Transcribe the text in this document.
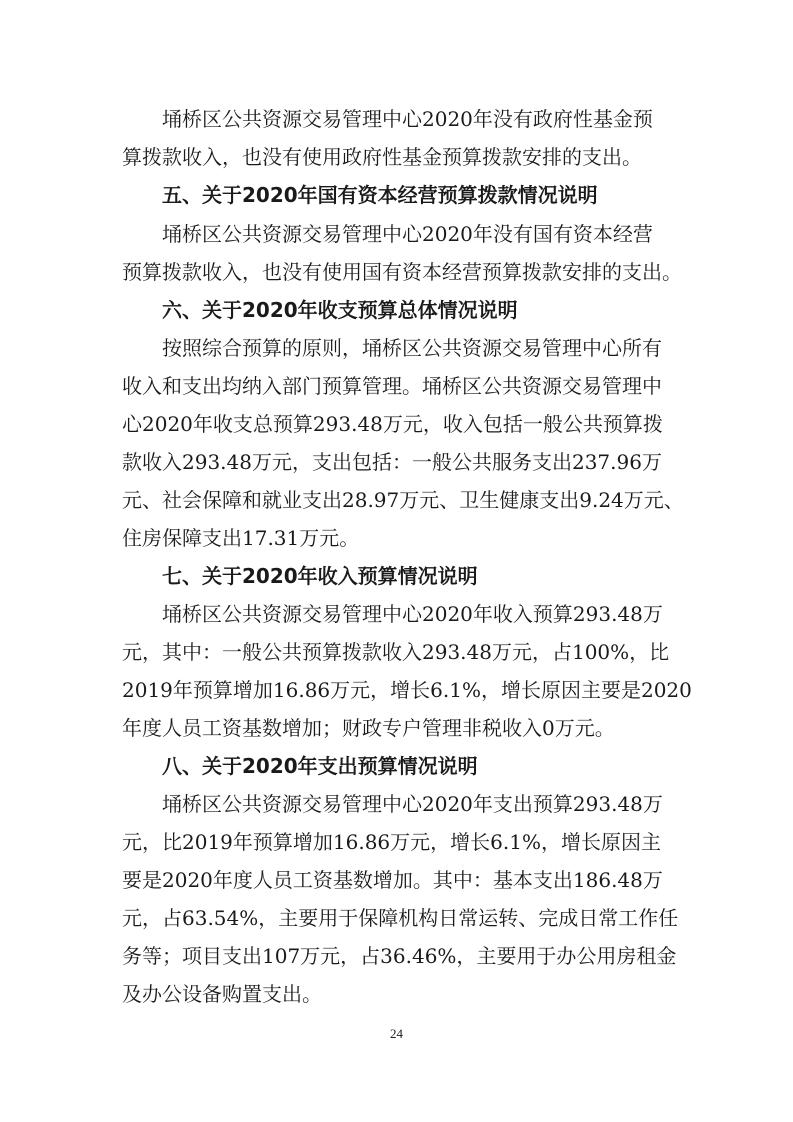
埇桥区公共资源交易管理中心2020年没有政府性基金预
算拨款收入，也没有使用政府性基金预算拨款安排的支出。
五、关于2020年国有资本经营预算拨款情况说明
埇桥区公共资源交易管理中心2020年没有国有资本经营
预算拨款收入，也没有使用国有资本经营预算拨款安排的支出。
六、关于2020年收支预算总体情况说明
按照综合预算的原则，埇桥区公共资源交易管理中心所有
收入和支出均纳入部门预算管理。埇桥区公共资源交易管理中
心2020年收支总预算293.48万元，收入包括一般公共预算拨
款收入293.48万元，支出包括：一般公共服务支出237.96万
元、社会保障和就业支出28.97万元、卫生健康支出9.24万元、
住房保障支出17.31万元。
七、关于2020年收入预算情况说明
埇桥区公共资源交易管理中心2020年收入预算293.48万
元，其中：一般公共预算拨款收入293.48万元，占100%，比
2019年预算增加16.86万元，增长6.1%，增长原因主要是2020
年度人员工资基数增加；财政专户管理非税收入0万元。
八、关于2020年支出预算情况说明
埇桥区公共资源交易管理中心2020年支出预算293.48万
元，比2019年预算增加16.86万元，增长6.1%，增长原因主
要是2020年度人员工资基数增加。其中：基本支出186.48万
元，占63.54%，主要用于保障机构日常运转、完成日常工作任
务等；项目支出107万元，占36.46%，主要用于办公用房租金
及办公设备购置支出。
24
